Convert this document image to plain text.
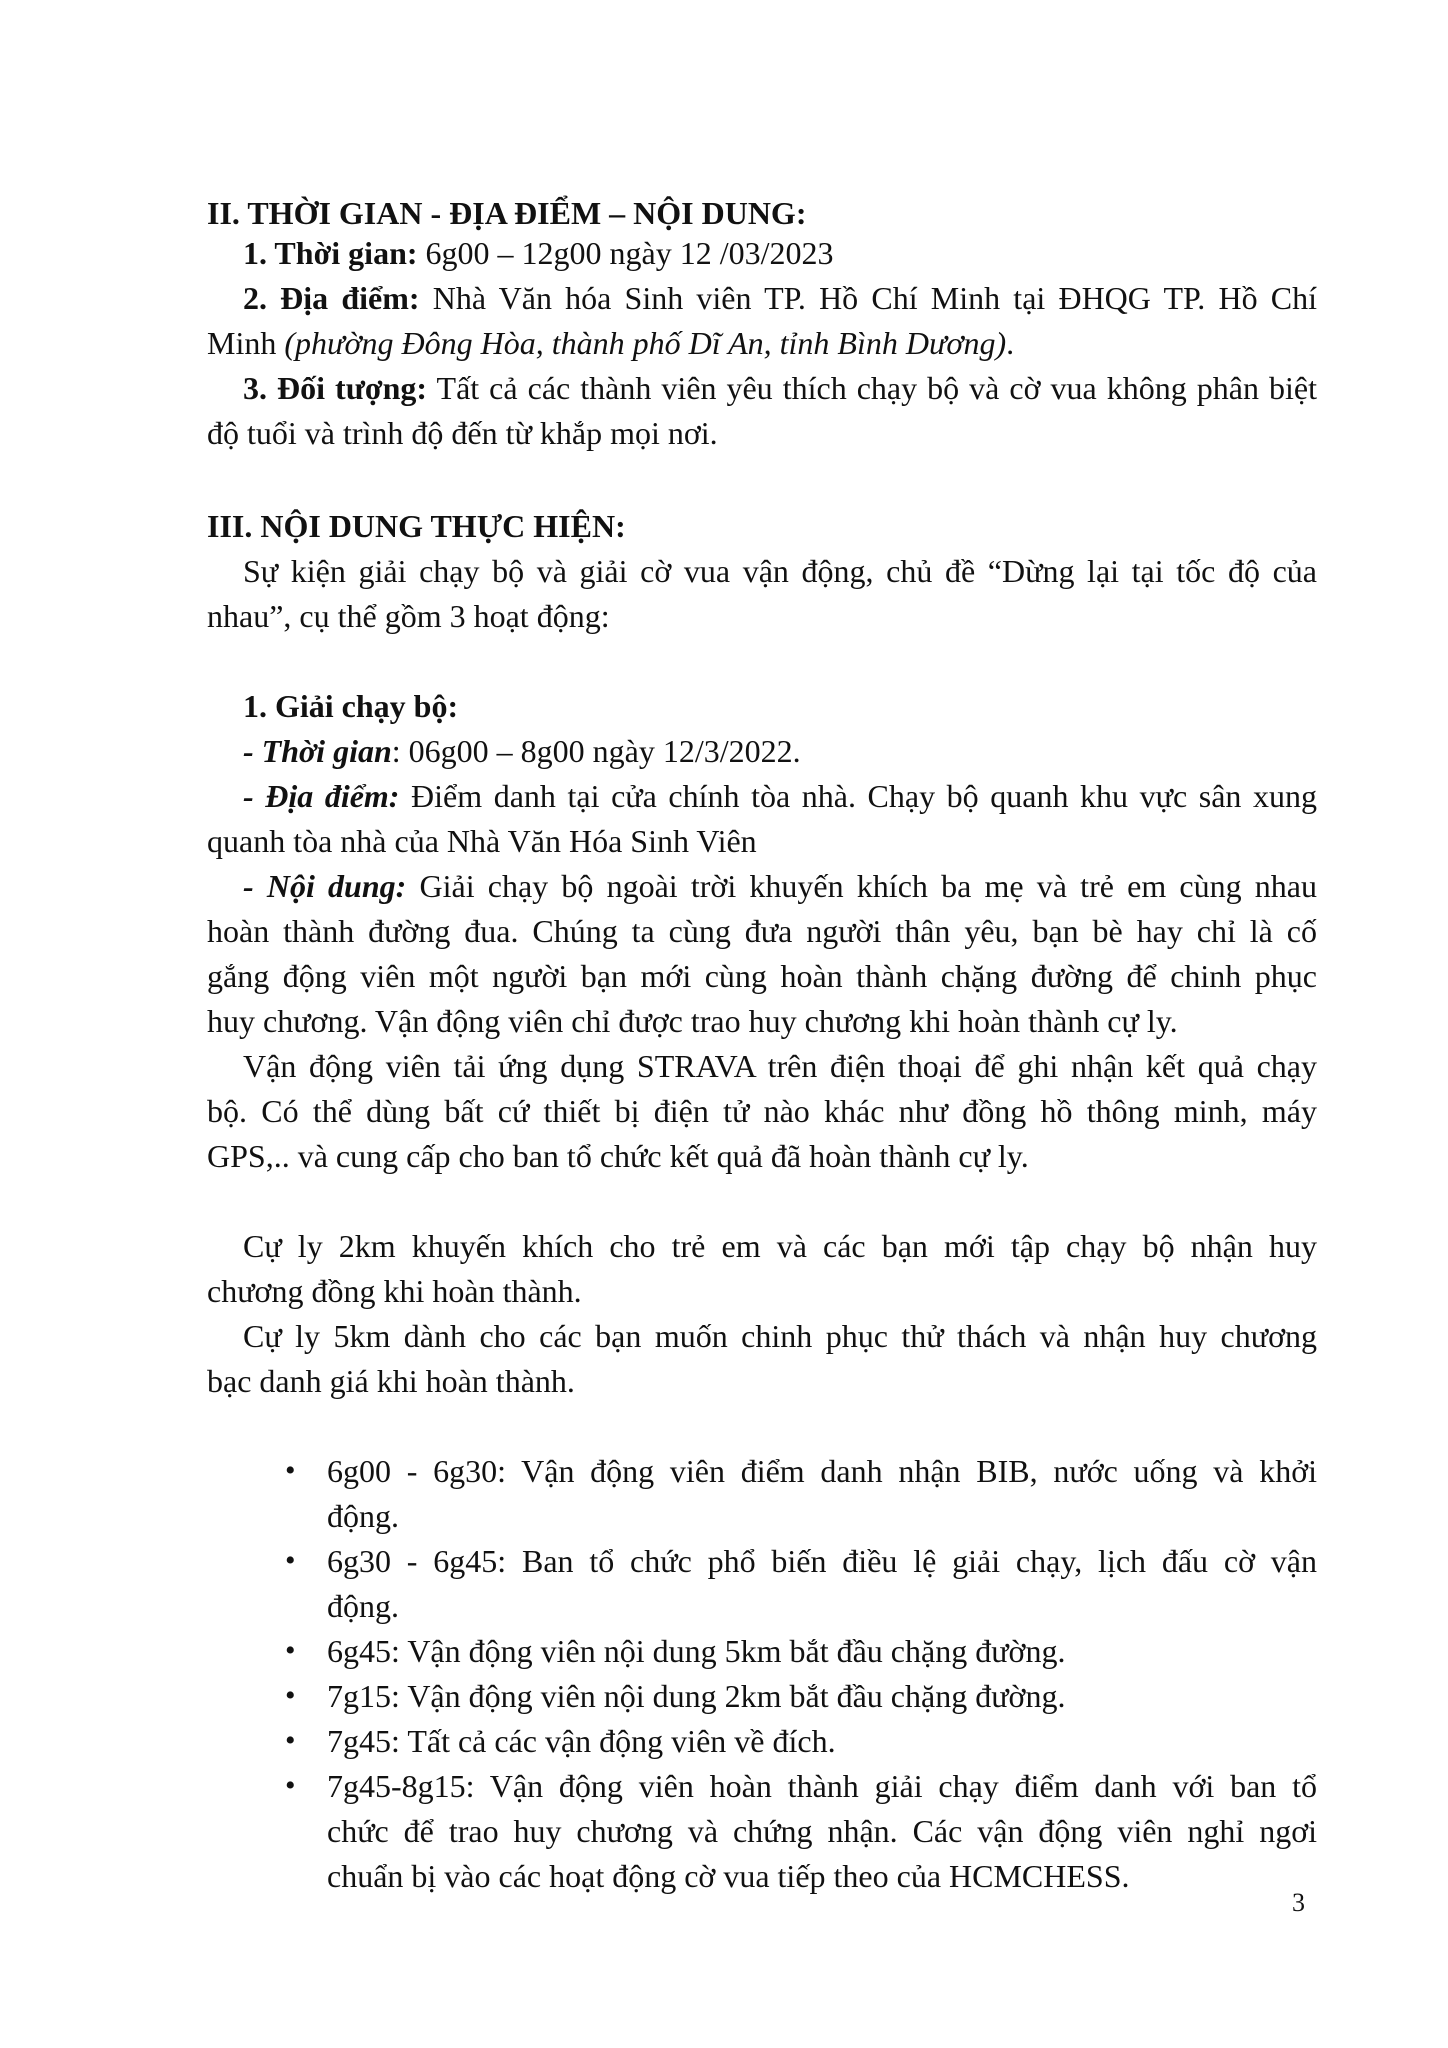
II. THỜI GIAN - ĐỊA ĐIỂM – NỘI DUNG:
1. Thời gian: 6g00 – 12g00 ngày 12 /03/2023
2. Địa điểm: Nhà Văn hóa Sinh viên TP. Hồ Chí Minh tại ĐHQG TP. Hồ Chí
Minh (phường Đông Hòa, thành phố Dĩ An, tỉnh Bình Dương).
3. Đối tượng: Tất cả các thành viên yêu thích chạy bộ và cờ vua không phân biệt
độ tuổi và trình độ đến từ khắp mọi nơi.
III. NỘI DUNG THỰC HIỆN:
Sự kiện giải chạy bộ và giải cờ vua vận động, chủ đề “Dừng lại tại tốc độ của
nhau”, cụ thể gồm 3 hoạt động:
1. Giải chạy bộ:
- Thời gian: 06g00 – 8g00 ngày 12/3/2022.
- Địa điểm: Điểm danh tại cửa chính tòa nhà. Chạy bộ quanh khu vực sân xung
quanh tòa nhà của Nhà Văn Hóa Sinh Viên
- Nội dung: Giải chạy bộ ngoài trời khuyến khích ba mẹ và trẻ em cùng nhau
hoàn thành đường đua. Chúng ta cùng đưa người thân yêu, bạn bè hay chỉ là cố
gắng động viên một người bạn mới cùng hoàn thành chặng đường để chinh phục
huy chương. Vận động viên chỉ được trao huy chương khi hoàn thành cự ly.
Vận động viên tải ứng dụng STRAVA trên điện thoại để ghi nhận kết quả chạy
bộ. Có thể dùng bất cứ thiết bị điện tử nào khác như đồng hồ thông minh, máy
GPS,.. và cung cấp cho ban tổ chức kết quả đã hoàn thành cự ly.
Cự ly 2km khuyến khích cho trẻ em và các bạn mới tập chạy bộ nhận huy
chương đồng khi hoàn thành.
Cự ly 5km dành cho các bạn muốn chinh phục thử thách và nhận huy chương
bạc danh giá khi hoàn thành.
• 6g00 - 6g30: Vận động viên điểm danh nhận BIB, nước uống và khởi
động.
• 6g30 - 6g45: Ban tổ chức phổ biến điều lệ giải chạy, lịch đấu cờ vận
động.
• 6g45: Vận động viên nội dung 5km bắt đầu chặng đường.
• 7g15: Vận động viên nội dung 2km bắt đầu chặng đường.
• 7g45: Tất cả các vận động viên về đích.
• 7g45-8g15: Vận động viên hoàn thành giải chạy điểm danh với ban tổ
chức để trao huy chương và chứng nhận. Các vận động viên nghỉ ngơi
chuẩn bị vào các hoạt động cờ vua tiếp theo của HCMCHESS.
3
